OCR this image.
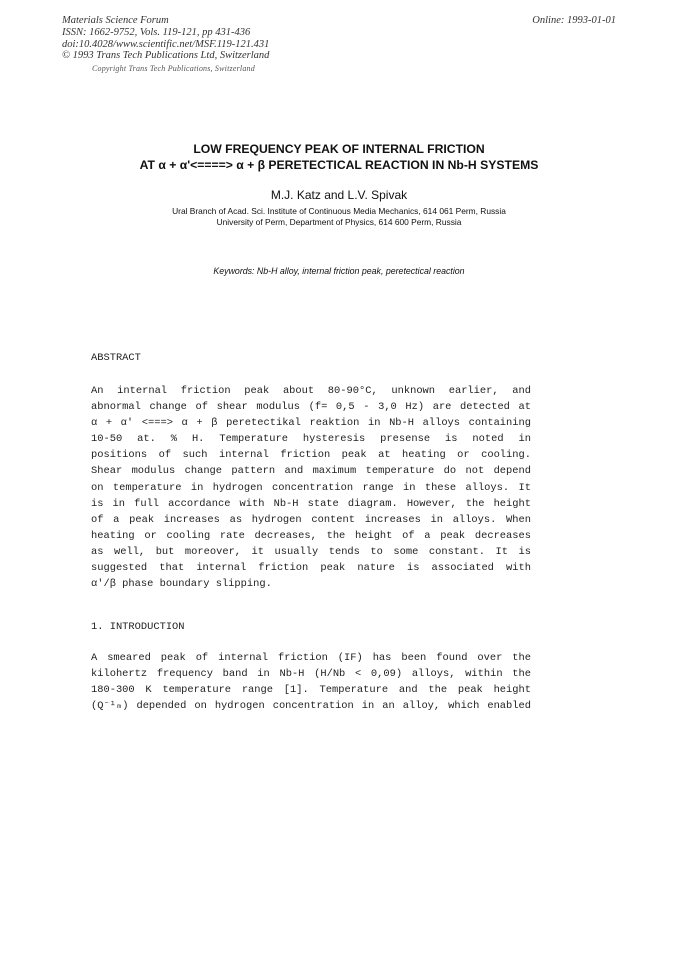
Materials Science Forum
ISSN: 1662-9752, Vols. 119-121, pp 431-436
doi:10.4028/www.scientific.net/MSF.119-121.431
© 1993 Trans Tech Publications Ltd, Switzerland
Online: 1993-01-01
Copyright Trans Tech Publications, Switzerland
LOW FREQUENCY PEAK OF INTERNAL FRICTION
AT α + α'<====> α + β PERETECTICAL REACTION IN Nb-H SYSTEMS
M.J. Katz and L.V. Spivak
Ural Branch of Acad. Sci. Institute of Continuous Media Mechanics, 614 061 Perm, Russia
University of Perm, Department of Physics, 614 600 Perm, Russia
Keywords: Nb-H alloy, internal friction peak, peretectical reaction
ABSTRACT
An internal friction peak about 80-90°C, unknown earlier, and
abnormal change of shear modulus (f= 0,5 - 3,0 Hz) are detected at
α + α' <===> α + β peretectikal reaktion in Nb-H alloys containing
10-50 at. % H. Temperature hysteresis presense is noted in
positions of such internal friction peak at heating or cooling.
Shear modulus change pattern and maximum temperature do not depend
on temperature in hydrogen concentration range in these alloys. It
is in full accordance with Nb-H state diagram. However, the height
of a peak increases as hydrogen content increases in alloys. When
heating or cooling rate decreases, the height of a peak decreases
as well, but moreover, it usually tends to some constant. It is
suggested that internal friction peak nature is associated with
α'/β phase boundary slipping.
1. INTRODUCTION
A smeared peak of internal friction (IF) has been found over the
kilohertz frequency band in Nb-H (H/Nb < 0,09) alloys, within the
180-300 K temperature range [1]. Temperature and the peak height
(Q⁻¹ₘ) depended on hydrogen concentration in an alloy, which enabled
